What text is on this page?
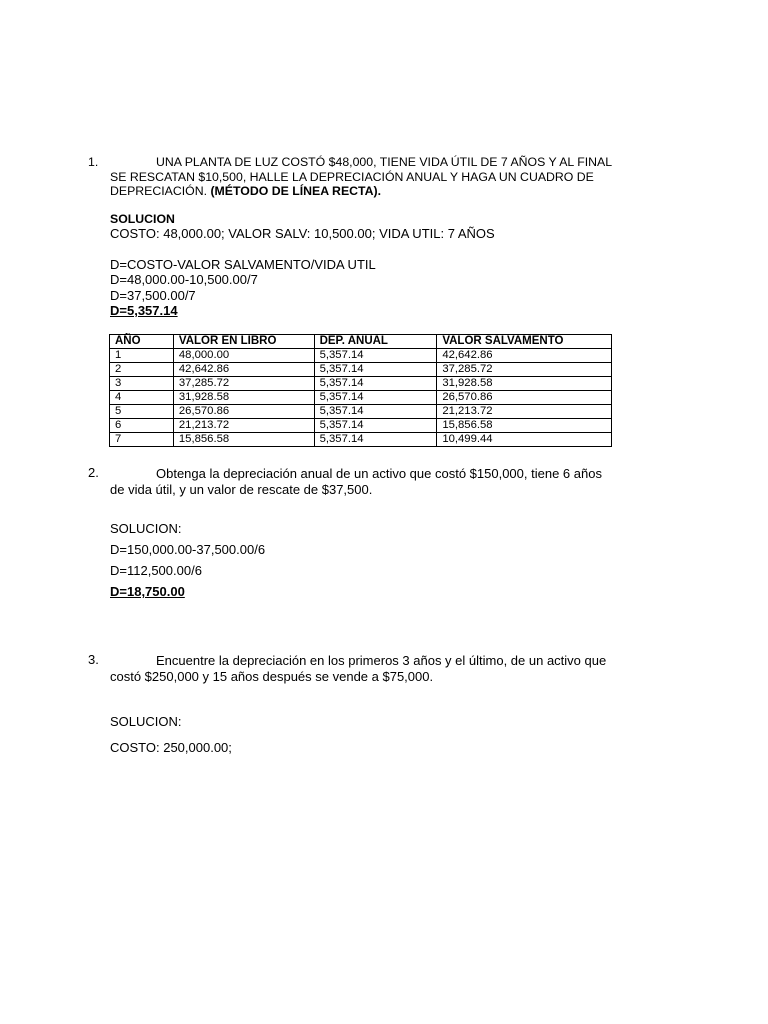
1.	UNA PLANTA DE LUZ COSTÓ $48,000, TIENE VIDA ÚTIL DE 7 AÑOS Y AL FINAL
SE RESCATAN $10,500, HALLE LA DEPRECIACIÓN ANUAL Y HAGA UN CUADRO DE
DEPRECIACIÓN. (MÉTODO DE LÍNEA RECTA).
SOLUCION
COSTO: 48,000.00; VALOR SALV: 10,500.00; VIDA UTIL: 7 AÑOS
D=COSTO-VALOR SALVAMENTO/VIDA UTIL
D=48,000.00-10,500.00/7
D=37,500.00/7
D=5,357.14
AÑO	VALOR EN LIBRO	DEP. ANUAL	VALOR SALVAMENTO
1	48,000.00	5,357.14	42,642.86
2	42,642.86	5,357.14	37,285.72
3	37,285.72	5,357.14	31,928.58
4	31,928.58	5,357.14	26,570.86
5	26,570.86	5,357.14	21,213.72
6	21,213.72	5,357.14	15,856.58
7	15,856.58	5,357.14	10,499.44
2.	Obtenga la depreciación anual de un activo que costó $150,000, tiene 6 años
de vida útil, y un valor de rescate de $37,500.
SOLUCION:
D=150,000.00-37,500.00/6
D=112,500.00/6
D=18,750.00
3.	Encuentre la depreciación en los primeros 3 años y el último, de un activo que
costó $250,000 y 15 años después se vende a $75,000.
SOLUCION:
COSTO: 250,000.00;
